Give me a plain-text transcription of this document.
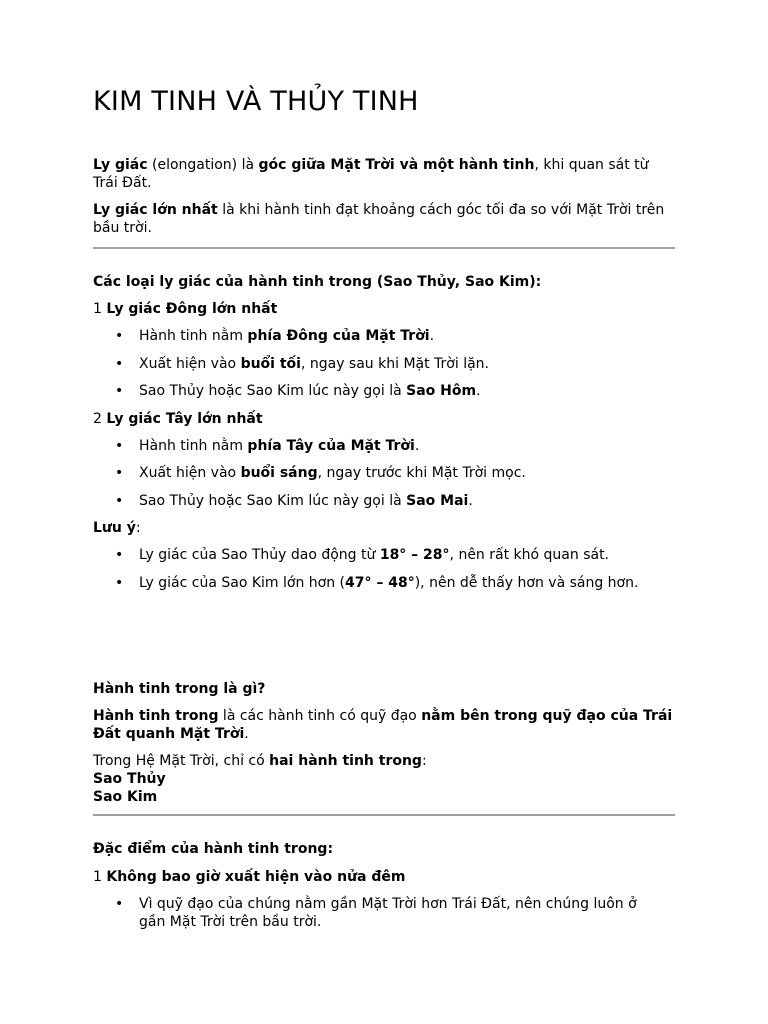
KIM TINH VÀ THỦY TINH
Ly giác (elongation) là góc giữa Mặt Trời và một hành tinh, khi quan sát từ Trái Đất.
Ly giác lớn nhất là khi hành tinh đạt khoảng cách góc tối đa so với Mặt Trời trên bầu trời.
Các loại ly giác của hành tinh trong (Sao Thủy, Sao Kim):
1 Ly giác Đông lớn nhất
• Hành tinh nằm phía Đông của Mặt Trời.
• Xuất hiện vào buổi tối, ngay sau khi Mặt Trời lặn.
• Sao Thủy hoặc Sao Kim lúc này gọi là Sao Hôm.
2 Ly giác Tây lớn nhất
• Hành tinh nằm phía Tây của Mặt Trời.
• Xuất hiện vào buổi sáng, ngay trước khi Mặt Trời mọc.
• Sao Thủy hoặc Sao Kim lúc này gọi là Sao Mai.
Lưu ý:
• Ly giác của Sao Thủy dao động từ 18° – 28°, nên rất khó quan sát.
• Ly giác của Sao Kim lớn hơn (47° – 48°), nên dễ thấy hơn và sáng hơn.
Hành tinh trong là gì?
Hành tinh trong là các hành tinh có quỹ đạo nằm bên trong quỹ đạo của Trái Đất quanh Mặt Trời.
Trong Hệ Mặt Trời, chỉ có hai hành tinh trong:
Sao Thủy
Sao Kim
Đặc điểm của hành tinh trong:
1 Không bao giờ xuất hiện vào nửa đêm
• Vì quỹ đạo của chúng nằm gần Mặt Trời hơn Trái Đất, nên chúng luôn ở gần Mặt Trời trên bầu trời.
